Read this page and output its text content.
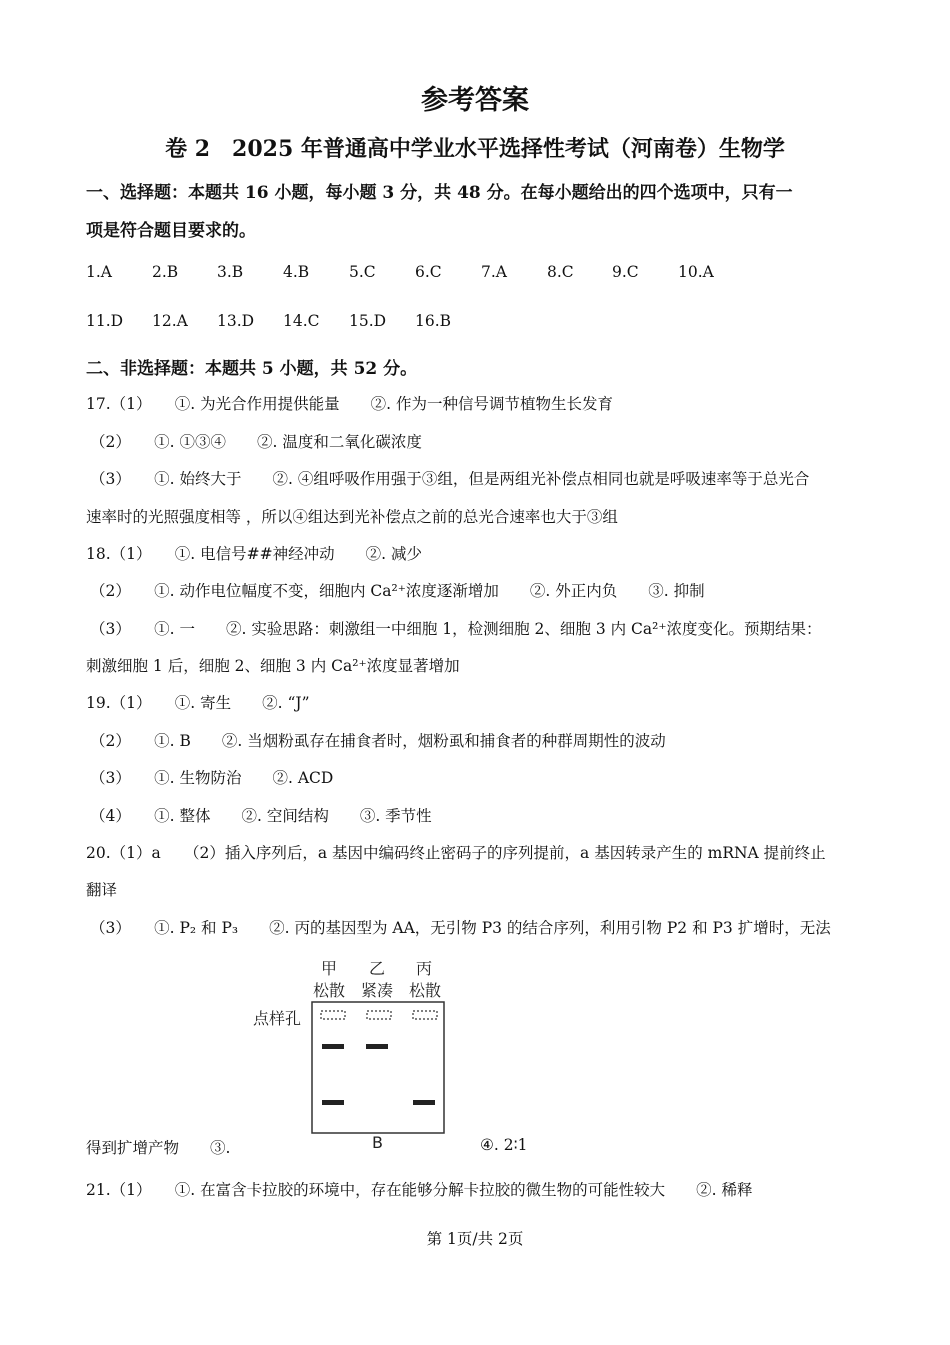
参考答案
卷 2　2025 年普通高中学业水平选择性考试（河南卷）生物学
一、选择题：本题共 16 小题，每小题 3 分，共 48 分。在每小题给出的四个选项中，只有一
项是符合题目要求的。
1.A	2.B	3.B	4.B	5.C	6.C	7.A	8.C 9.C	10.A
11.D 12.A 13.D 14.C 15.D 16.B
二、非选择题：本题共 5 小题，共 52 分。
17.（1）　　①. 为光合作用提供能量　　②. 作为一种信号调节植物生长发育
（2）　　①. ①③④　　②. 温度和二氧化碳浓度
（3）　　①. 始终大于　　②. ④组呼吸作用强于③组，但是两组光补偿点相同也就是呼吸速率等于总光合
速率时的光照强度相等 ，所以④组达到光补偿点之前的总光合速率也大于③组
18.（1）　　①. 电信号##神经冲动　　②. 减少
（2）　　①. 动作电位幅度不变，细胞内 Ca²⁺浓度逐渐增加　　②. 外正内负　　③. 抑制
（3）　　①. 一　　②. 实验思路：刺激组一中细胞 1，检测细胞 2、细胞 3 内 Ca²⁺浓度变化。预期结果：
刺激细胞 1 后，细胞 2、细胞 3 内 Ca²⁺浓度显著增加
19.（1）　　①. 寄生　　②. “J”
（2）　　①. B　　②. 当烟粉虱存在捕食者时，烟粉虱和捕食者的种群周期性的波动
（3）　　①. 生物防治　　②. ACD
（4）　　①. 整体　　②. 空间结构　　③. 季节性
20.（1）a　　（2）插入序列后，a 基因中编码终止密码子的序列提前，a 基因转录产生的 mRNA 提前终止
翻译
（3）　　①. P₂ 和 P₃　　②. 丙的基因型为 AA，无引物 P3 的结合序列，利用引物 P2 和 P3 扩增时，无法
甲 乙 丙
松散 紧凑 松散
点样孔
B
得到扩增产物　　③.	④. 2∶1
21.（1）　　①. 在富含卡拉胶的环境中，存在能够分解卡拉胶的微生物的可能性较大　　②. 稀释
第 1页/共 2页
